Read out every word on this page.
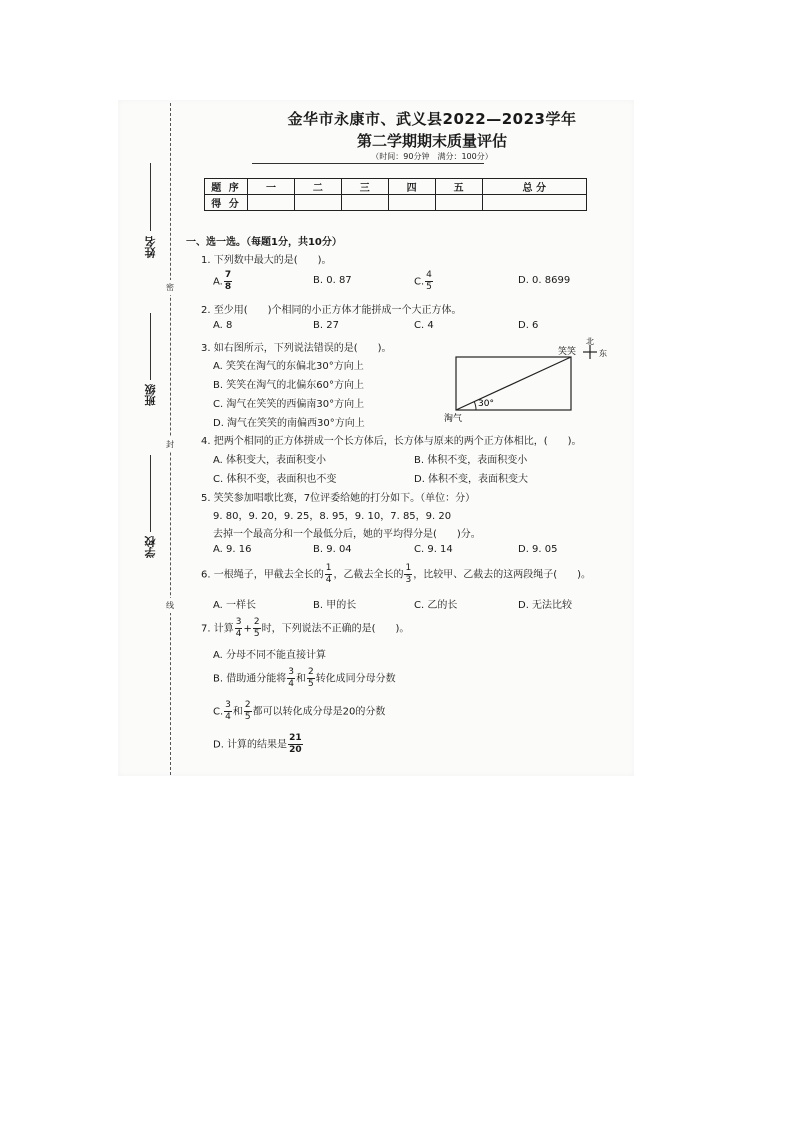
姓名
班级
学校
密
封
线
金华市永康市、武义县2022—2023学年
第二学期期末质量评估
（时间：90分钟　满分：100分）
题 序	一	二	三	四	五	总 分
得 分						
一、选一选。（每题1分，共10分）
1. 下列数中最大的是(　　)。
A. $\frac{7}{8}$	B. 0. 87	C. $\frac{4}{5}$	D. 0. 8699
2. 至少用(　　)个相同的小正方体才能拼成一个大正方体。
A. 8	B. 27	C. 4	D. 6
3. 如右图所示，下列说法错误的是(　　)。
A. 笑笑在淘气的东偏北30°方向上
B. 笑笑在淘气的北偏东60°方向上
C. 淘气在笑笑的西偏南30°方向上
D. 淘气在笑笑的南偏西30°方向上
30°
笑笑
淘气
北
东
4. 把两个相同的正方体拼成一个长方体后，长方体与原来的两个正方体相比，(　　)。
A. 体积变大，表面积变小	B. 体积不变，表面积变小
C. 体积不变，表面积也不变	D. 体积不变，表面积变大
5. 笑笑参加唱歌比赛，7位评委给她的打分如下。（单位：分）
9. 80，9. 20，9. 25，8. 95，9. 10，7. 85，9. 20
去掉一个最高分和一个最低分后，她的平均得分是(　　)分。
A. 9. 16	B. 9. 04	C. 9. 14	D. 9. 05
6. 一根绳子，甲截去全长的 $\frac{1}{4}$ ，乙截去全长的 $\frac{1}{3}$ ，比较甲、乙截去的这两段绳子(　　)。
A. 一样长	B. 甲的长	C. 乙的长	D. 无法比较
7. 计算 $\frac{3}{4} + \frac{2}{5}$ 时，下列说法不正确的是(　　)。
A. 分母不同不能直接计算
B. 借助通分能将 $\frac{3}{4}$ 和 $\frac{2}{5}$ 转化成同分母分数
C. $\frac{3}{4}$ 和 $\frac{2}{5}$ 都可以转化成分母是20的分数
D. 计算的结果是 $\frac{21}{20}$
